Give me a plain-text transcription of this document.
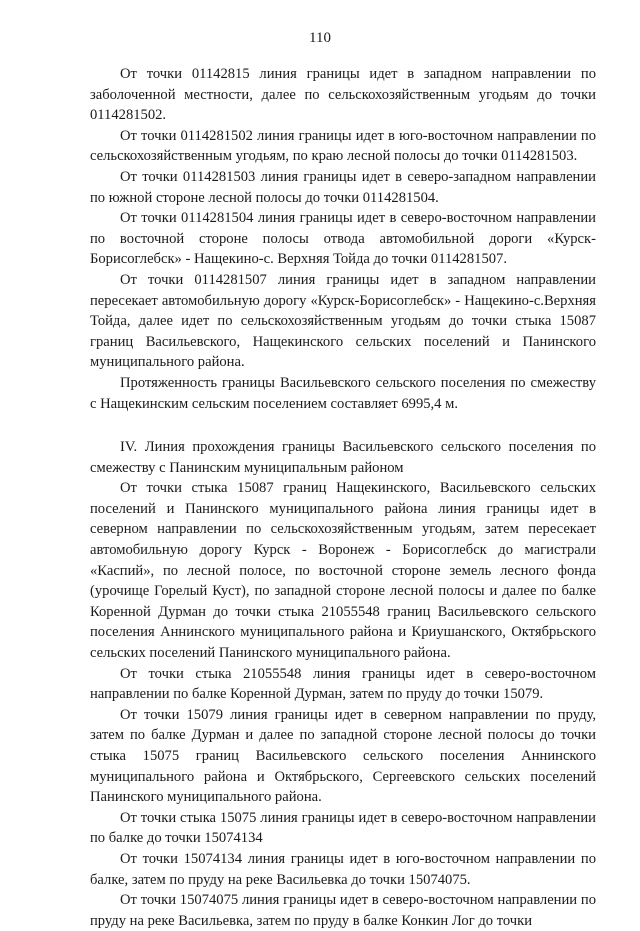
110

От точки 01142815 линия границы идет в западном направлении по заболоченной местности, далее по сельскохозяйственным угодьям до точки 0114281502.

От точки 0114281502 линия границы идет в юго-восточном направлении по сельскохозяйственным угодьям, по краю лесной полосы до точки 0114281503.

От точки 0114281503 линия границы идет в северо-западном направлении по южной стороне лесной полосы до точки 0114281504.

От точки 0114281504 линия границы идет в северо-восточном направлении по восточной стороне полосы отвода автомобильной дороги «Курск-Борисоглебск» - Нащекино-с. Верхняя Тойда до точки 0114281507.

От точки 0114281507 линия границы идет в западном направлении пересекает автомобильную дорогу «Курск-Борисоглебск» - Нащекино-с.Верхняя Тойда, далее идет по сельскохозяйственным угодьям до точки стыка 15087 границ Васильевского, Нащекинского сельских поселений и Панинского муниципального района.

Протяженность границы Васильевского сельского поселения по смежеству с Нащекинским сельским поселением составляет 6995,4 м.

IV. Линия прохождения границы Васильевского сельского поселения по смежеству с Панинским муниципальным районом

От точки стыка 15087 границ Нащекинского, Васильевского сельских поселений и Панинского муниципального района линия границы идет в северном направлении по сельскохозяйственным угодьям, затем пересекает автомобильную дорогу Курск - Воронеж - Борисоглебск до магистрали «Каспий», по лесной полосе, по восточной стороне земель лесного фонда (урочище Горелый Куст), по западной стороне лесной полосы и далее по балке Коренной Дурман до точки стыка 21055548 границ Васильевского сельского поселения Аннинского муниципального района и Криушанского, Октябрьского сельских поселений Панинского муниципального района.

От точки стыка 21055548 линия границы идет в северо-восточном направлении по балке Коренной Дурман, затем по пруду до точки 15079.

От точки 15079 линия границы идет в северном направлении по пруду, затем по балке Дурман и далее по западной стороне лесной полосы до точки стыка 15075 границ Васильевского сельского поселения Аннинского муниципального района и Октябрьского, Сергеевского сельских поселений Панинского муниципального района.

От точки стыка 15075 линия границы идет в северо-восточном направлении по балке до точки 15074134

От точки 15074134 линия границы идет в юго-восточном направлении по балке, затем по пруду на реке Васильевка до точки 15074075.

От точки 15074075 линия границы идет в северо-восточном направлении по пруду на реке Васильевка, затем по пруду в балке Конкин Лог до точки
